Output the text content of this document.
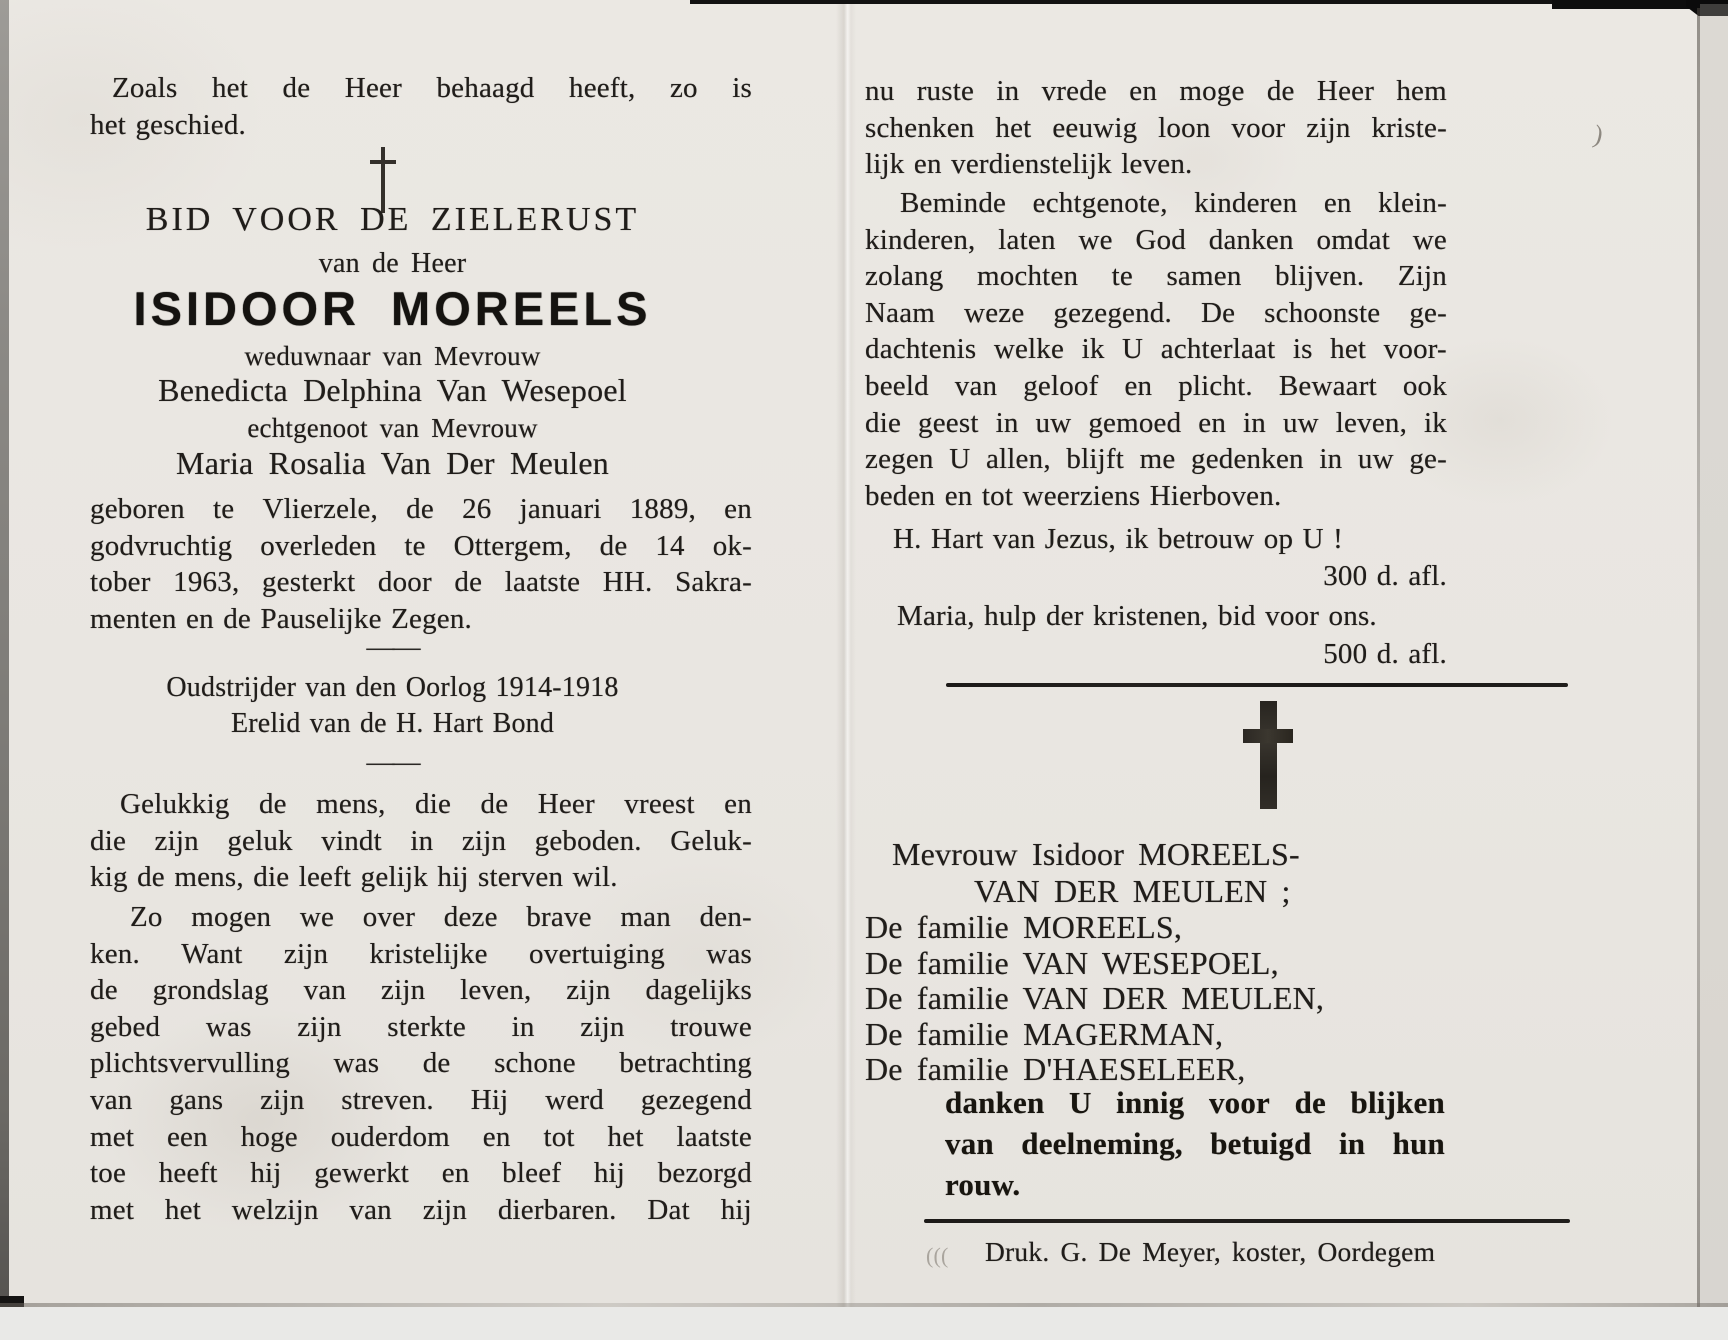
Zoals het de Heer behaagd heeft, zo is
het geschied.
BID VOOR DE ZIELERUST
van de Heer
ISIDOOR MOREELS
weduwnaar van Mevrouw
Benedicta Delphina Van Wesepoel
echtgenoot van Mevrouw
Maria Rosalia Van Der Meulen
geboren te Vlierzele, de 26 januari 1889, en
godvruchtig overleden te Ottergem, de 14 ok-
tober 1963, gesterkt door de laatste HH. Sakra-
menten en de Pauselijke Zegen.
——
Oudstrijder van den Oorlog 1914-1918
Erelid van de H. Hart Bond
——
Gelukkig de mens, die de Heer vreest en
die zijn geluk vindt in zijn geboden. Geluk-
kig de mens, die leeft gelijk hij sterven wil.
Zo mogen we over deze brave man den-
ken. Want zijn kristelijke overtuiging was
de grondslag van zijn leven, zijn dagelijks
gebed was zijn sterkte in zijn trouwe
plichtsvervulling was de schone betrachting
van gans zijn streven. Hij werd gezegend
met een hoge ouderdom en tot het laatste
toe heeft hij gewerkt en bleef hij bezorgd
met het welzijn van zijn dierbaren. Dat hij
nu ruste in vrede en moge de Heer hem
schenken het eeuwig loon voor zijn kriste-
lijk en verdienstelijk leven.
Beminde echtgenote, kinderen en klein-
kinderen, laten we God danken omdat we
zolang mochten te samen blijven. Zijn
Naam weze gezegend. De schoonste ge-
dachtenis welke ik U achterlaat is het voor-
beeld van geloof en plicht. Bewaart ook
die geest in uw gemoed en in uw leven, ik
zegen U allen, blijft me gedenken in uw ge-
beden en tot weerziens Hierboven.
H. Hart van Jezus, ik betrouw op U !
300 d. afl.
Maria, hulp der kristenen, bid voor ons.
500 d. afl.
Mevrouw Isidoor MOREELS-
VAN DER MEULEN ;
De familie MOREELS,
De familie VAN WESEPOEL,
De familie VAN DER MEULEN,
De familie MAGERMAN,
De familie D'HAESELEER,
danken U innig voor de blijken
van deelneming, betuigd in hun
rouw.
((( Druk. G. De Meyer, koster, Oordegem
)
